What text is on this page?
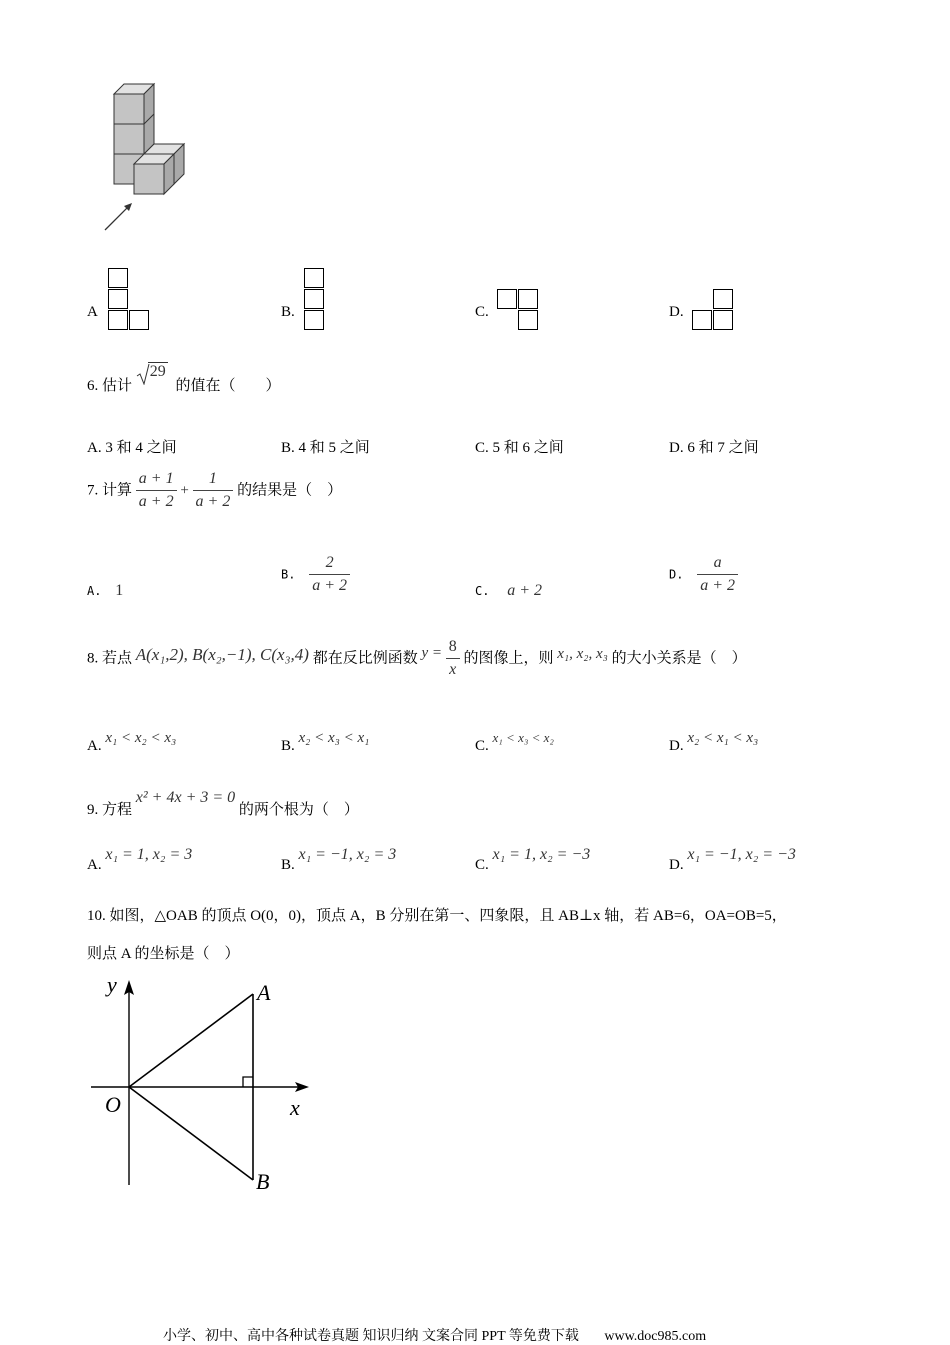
A	B.	C.	D.
6. 估计
29 的值在（　　）
A. 3 和 4 之间	B. 4 和 5 之间	C. 5 和 6 之间	D. 6 和 7 之间
7. 计算 $\frac{a + 1}{a + 2} + \frac{1}{a + 2}$ 的结果是（　）
A. 1
B. $\frac{2}{a + 2}$	C. a + 2
D. $\frac{a}{a + 2}$
8. 若点 A(x₁,2), B(x₂,−1), C(x₃,4) 都在反比例函数 $y = \frac{8}{x}$ 的图像上，则 x₁, x₂, x₃ 的大小关系是（　）
A. x₁ < x₂ < x₃	B. x₂ < x₃ < x₁	C. x₁ < x₃ < x₂
D. x₂ < x₁ < x₃
9. 方程 x² + 4x + 3 = 0 的两个根为（　）
A. x₁ = 1, x₂ = 3
B. x₁ = −1, x₂ = 3
C. x₁ = 1, x₂ = −3
D. x₁ = −1, x₂ = −3
10. 如图，△OAB 的顶点 O(0，0)，顶点 A，B 分别在第一、四象限，且 AB⊥x 轴，若 AB=6，OA=OB=5，
则点 A 的坐标是（　）
y
x
O
A
B
小学、初中、高中各种试卷真题 知识归纳 文案合同 PPT 等免费下载 www.doc985.com
